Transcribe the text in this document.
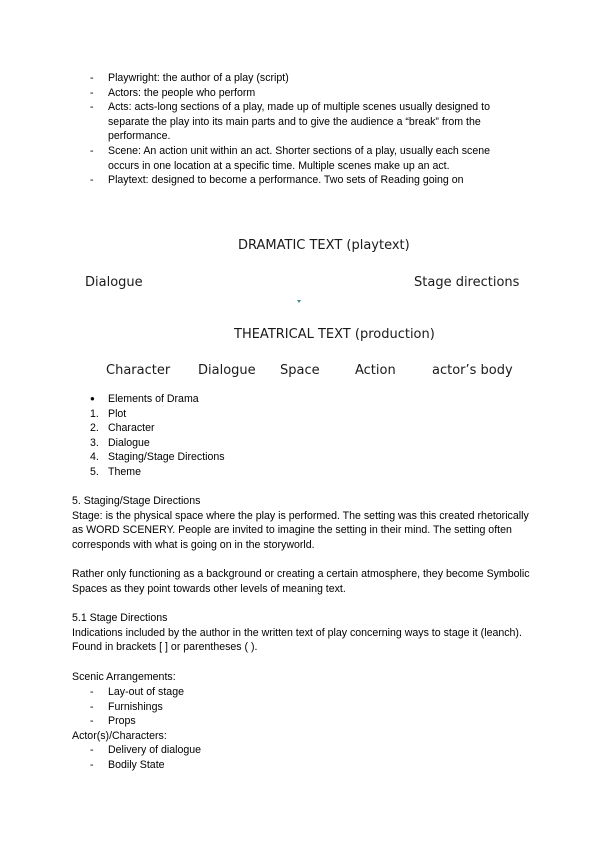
- Playwright: the author of a play (script)
- Actors: the people who perform
- Acts: acts-long sections of a play, made up of multiple scenes usually designed to separate the play into its main parts and to give the audience a “break” from the performance.
- Scene: An action unit within an act. Shorter sections of a play, usually each scene occurs in one location at a specific time. Multiple scenes make up an act.
- Playtext: designed to become a performance. Two sets of Reading going on
DRAMATIC TEXT (playtext)
Dialogue	Stage directions
THEATRICAL TEXT (production)
Character Dialogue Space	Action	actor’s body
● Elements of Drama
1. Plot
2. Character
3. Dialogue
4. Staging/Stage Directions
5. Theme

5. Staging/Stage Directions

Stage: is the physical space where the play is performed. The setting was this created rhetorically as WORD SCENERY. People are invited to imagine the setting in their mind. The setting often corresponds with what is going on in the storyworld.

Rather only functioning as a background or creating a certain atmosphere, they become Symbolic Spaces as they point towards other levels of meaning text.

5.1 Stage Directions

Indications included by the author in the written text of play concerning ways to stage it (leanch). Found in brackets [ ] or parentheses ( ).

Scenic Arrangements:

- Lay-out of stage
- Furnishings
- Props

Actor(s)/Characters:

- Delivery of dialogue
- Bodily State
